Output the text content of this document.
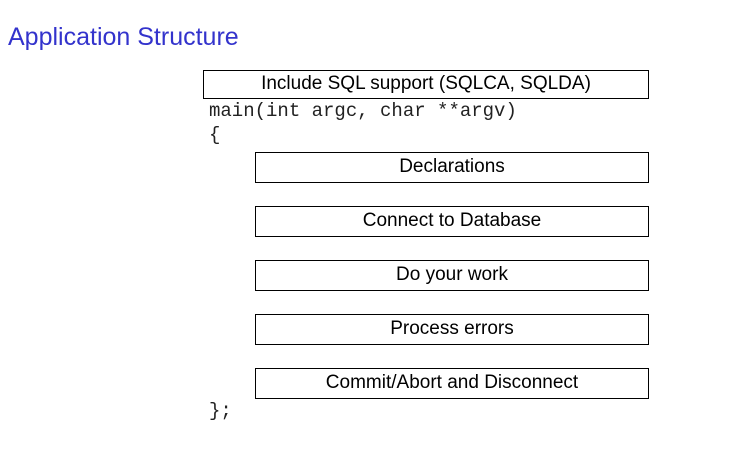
Application Structure
Include SQL support (SQLCA, SQLDA)
main(int argc, char **argv)
{
Declarations
Connect to Database
Do your work
Process errors
Commit/Abort and Disconnect
};
